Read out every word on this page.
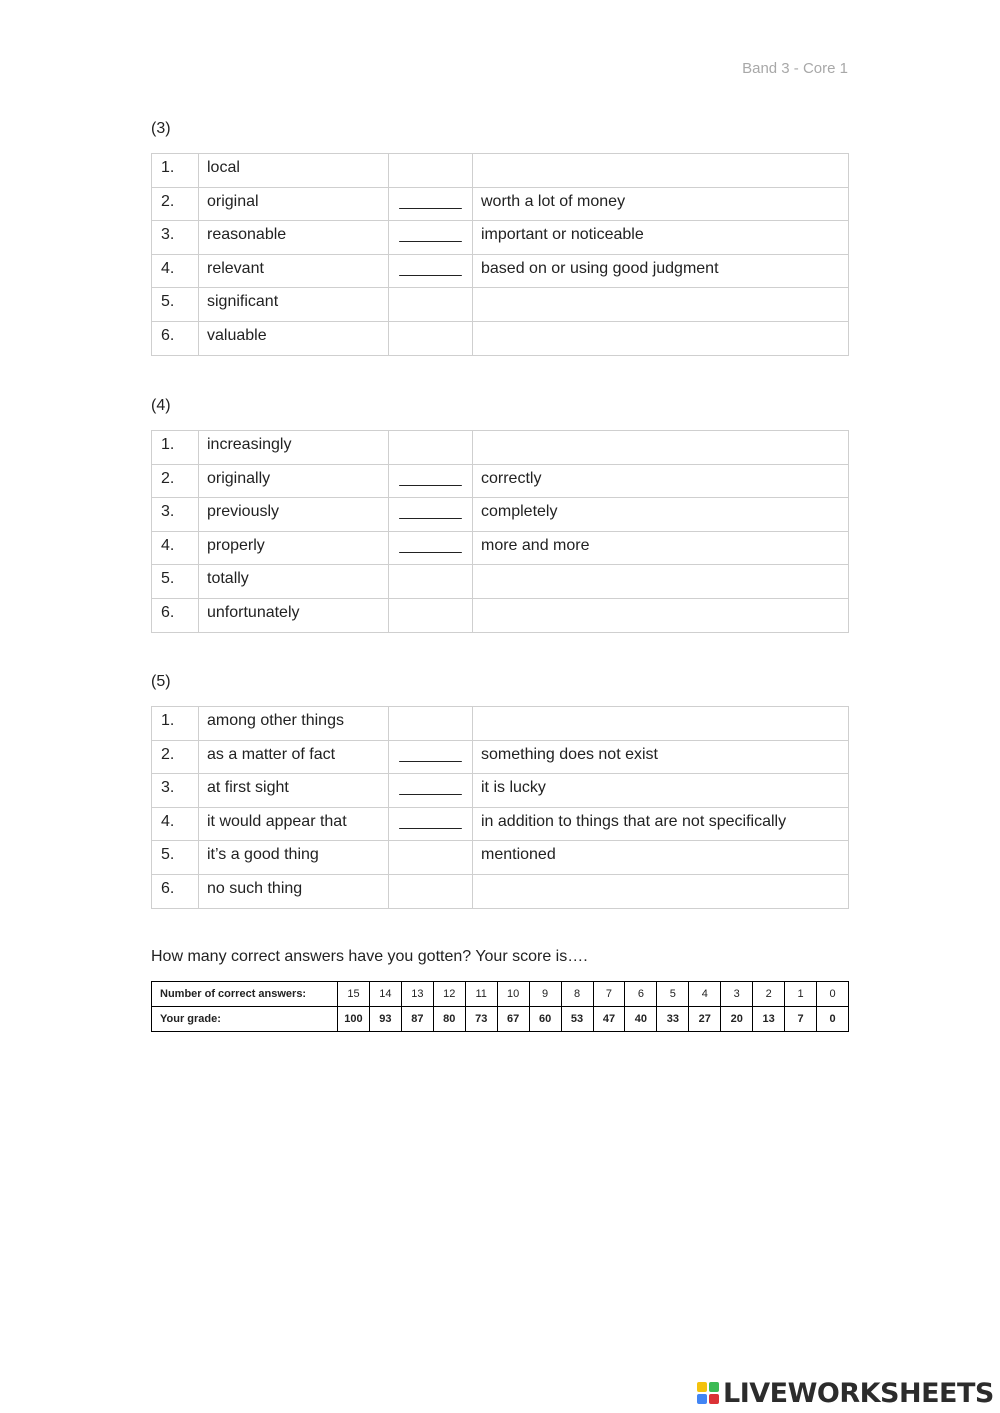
Band 3 - Core 1
(3)
1.	local		
2.	original	_______	worth a lot of money
3.	reasonable	_______	important or noticeable
4.	relevant	_______	based on or using good judgment
5.	significant		
6.	valuable		
(4)
1.	increasingly		
2.	originally	_______	correctly
3.	previously	_______	completely
4.	properly	_______	more and more
5.	totally		
6.	unfortunately		
(5)
1.	among other things		
2.	as a matter of fact	_______	something does not exist
3.	at first sight	_______	it is lucky
4.	it would appear that	_______	in addition to things that are not specifically
5.	it’s a good thing		mentioned
6.	no such thing		
How many correct answers have you gotten? Your score is….
Number of correct answers:	15	14	13	12	11	10	9	8	7	6	5	4	3	2	1	0
Your grade:	100	93	87	80	73	67	60	53	47	40	33	27	20	13	7	0
LIVEWORKSHEETS
